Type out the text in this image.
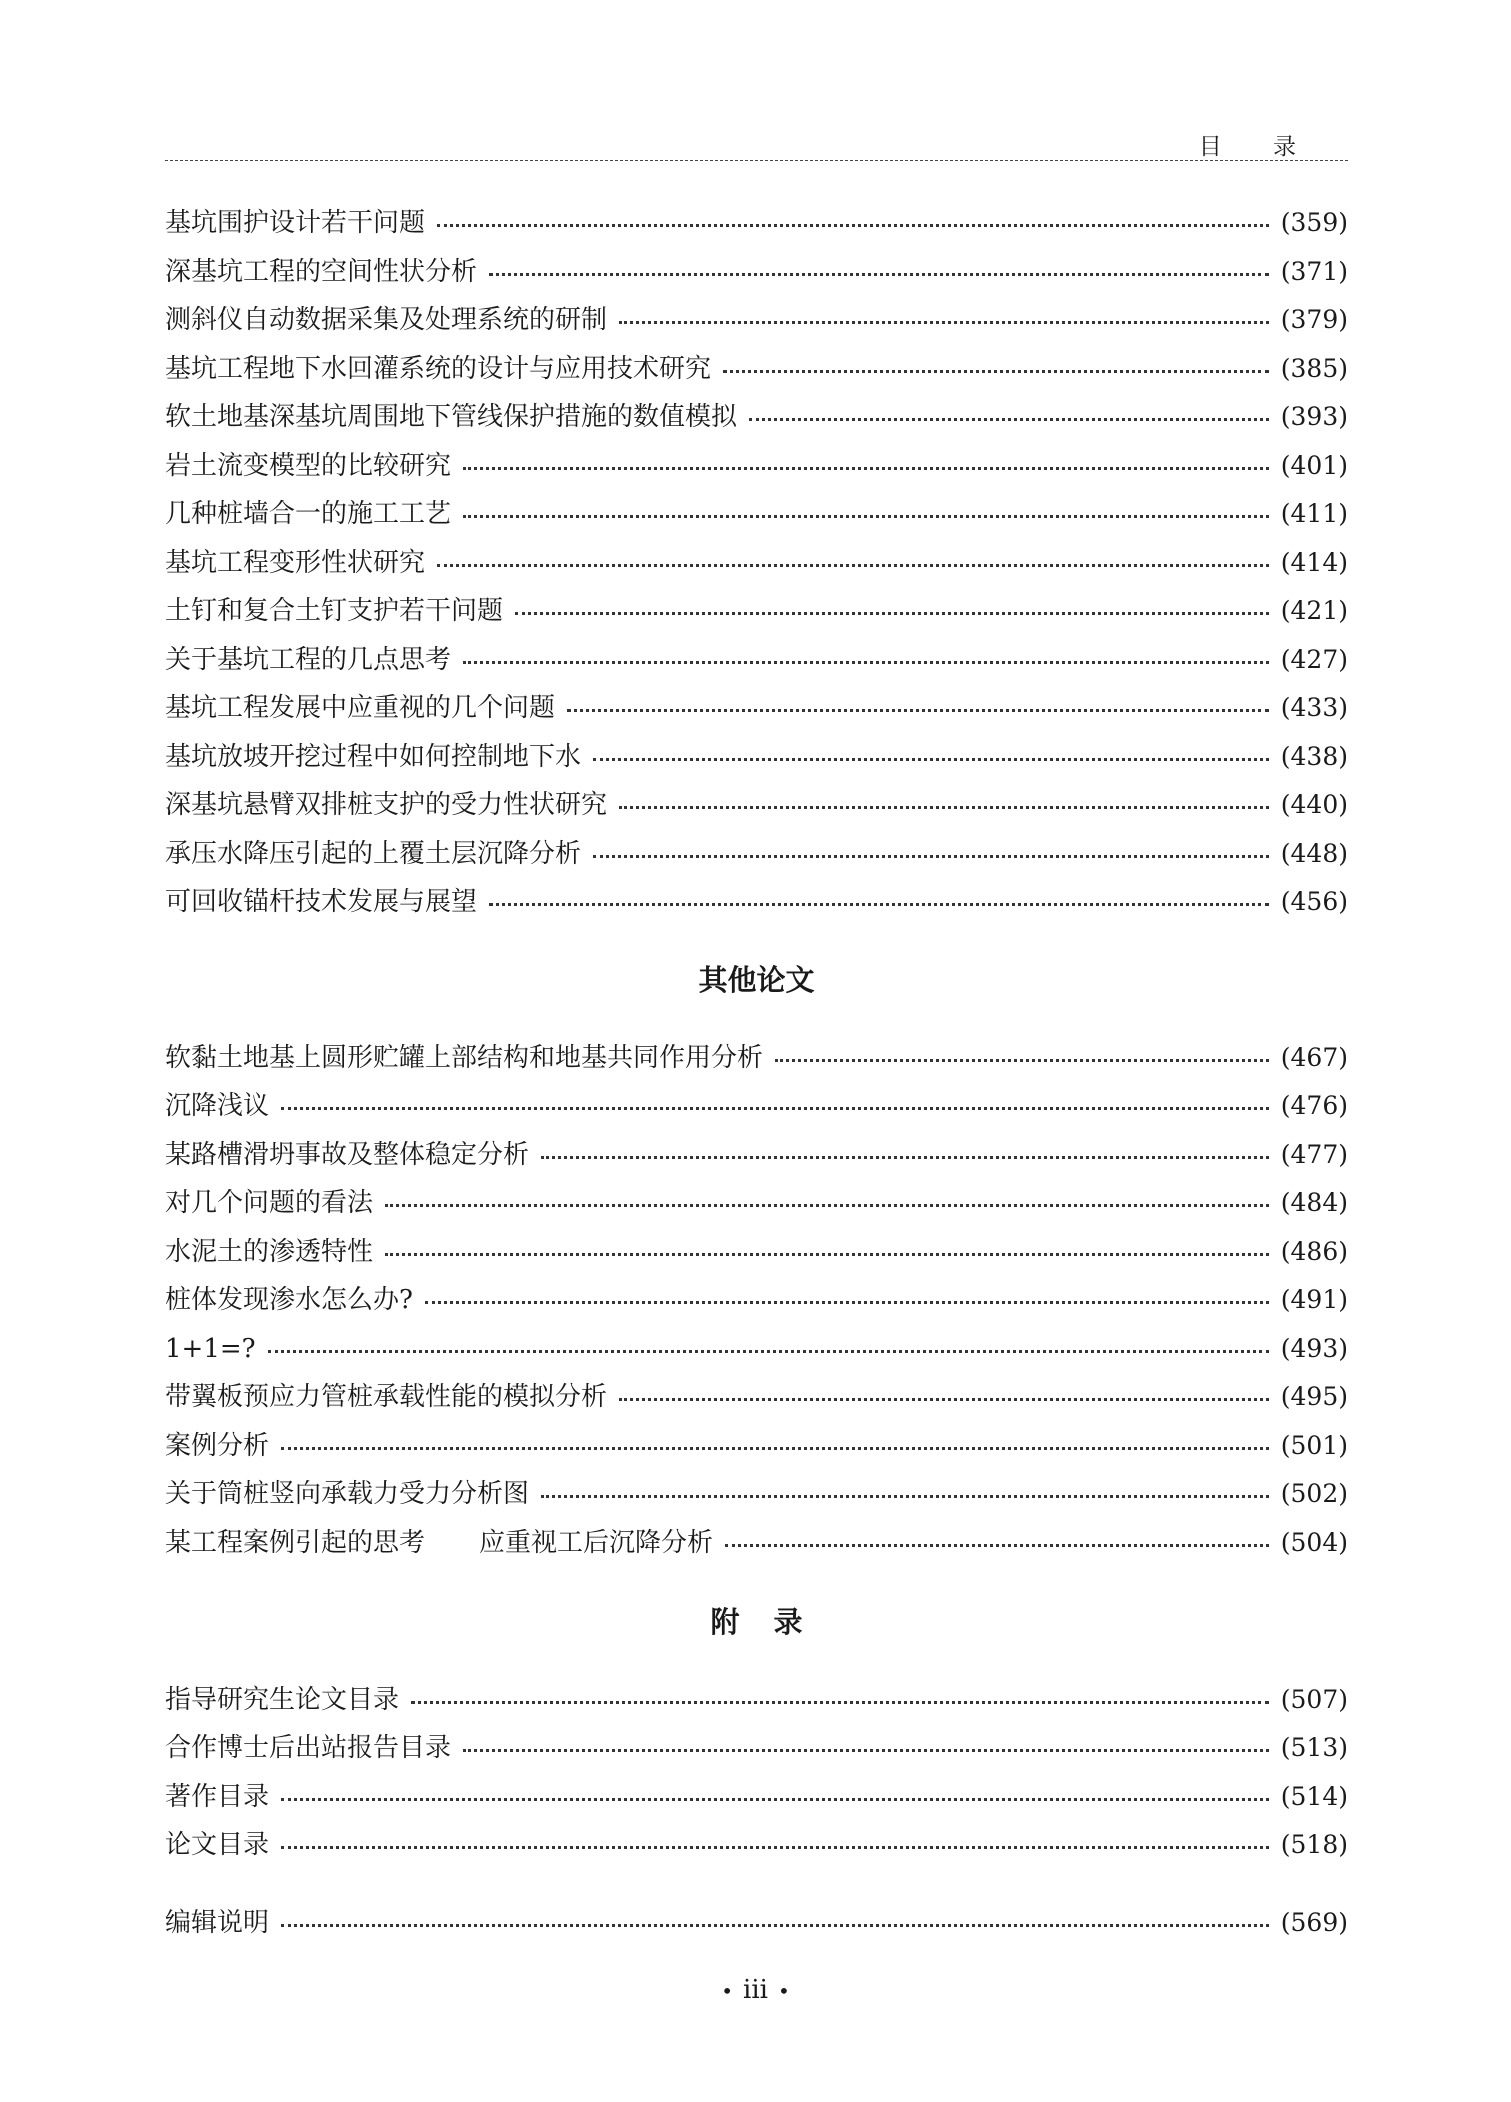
目 录
基坑围护设计若干问题	(359)
深基坑工程的空间性状分析	(371)
测斜仪自动数据采集及处理系统的研制	(379)
基坑工程地下水回灌系统的设计与应用技术研究	(385)
软土地基深基坑周围地下管线保护措施的数值模拟	(393)
岩土流变模型的比较研究	(401)
几种桩墙合一的施工工艺	(411)
基坑工程变形性状研究	(414)
土钉和复合土钉支护若干问题	(421)
关于基坑工程的几点思考	(427)
基坑工程发展中应重视的几个问题	(433)
基坑放坡开挖过程中如何控制地下水	(438)
深基坑悬臂双排桩支护的受力性状研究	(440)
承压水降压引起的上覆土层沉降分析	(448)
可回收锚杆技术发展与展望	(456)
其他论文
软黏土地基上圆形贮罐上部结构和地基共同作用分析	(467)
沉降浅议	(476)
某路槽滑坍事故及整体稳定分析	(477)
对几个问题的看法	(484)
水泥土的渗透特性	(486)
桩体发现渗水怎么办?	(491)
1+1=?	(493)
带翼板预应力管桩承载性能的模拟分析	(495)
案例分析	(501)
关于筒桩竖向承载力受力分析图	(502)
某工程案例引起的思考 应重视工后沉降分析	(504)
附录
指导研究生论文目录	(507)
合作博士后出站报告目录	(513)
著作目录	(514)
论文目录	(518)
编辑说明	(569)
• iii •
